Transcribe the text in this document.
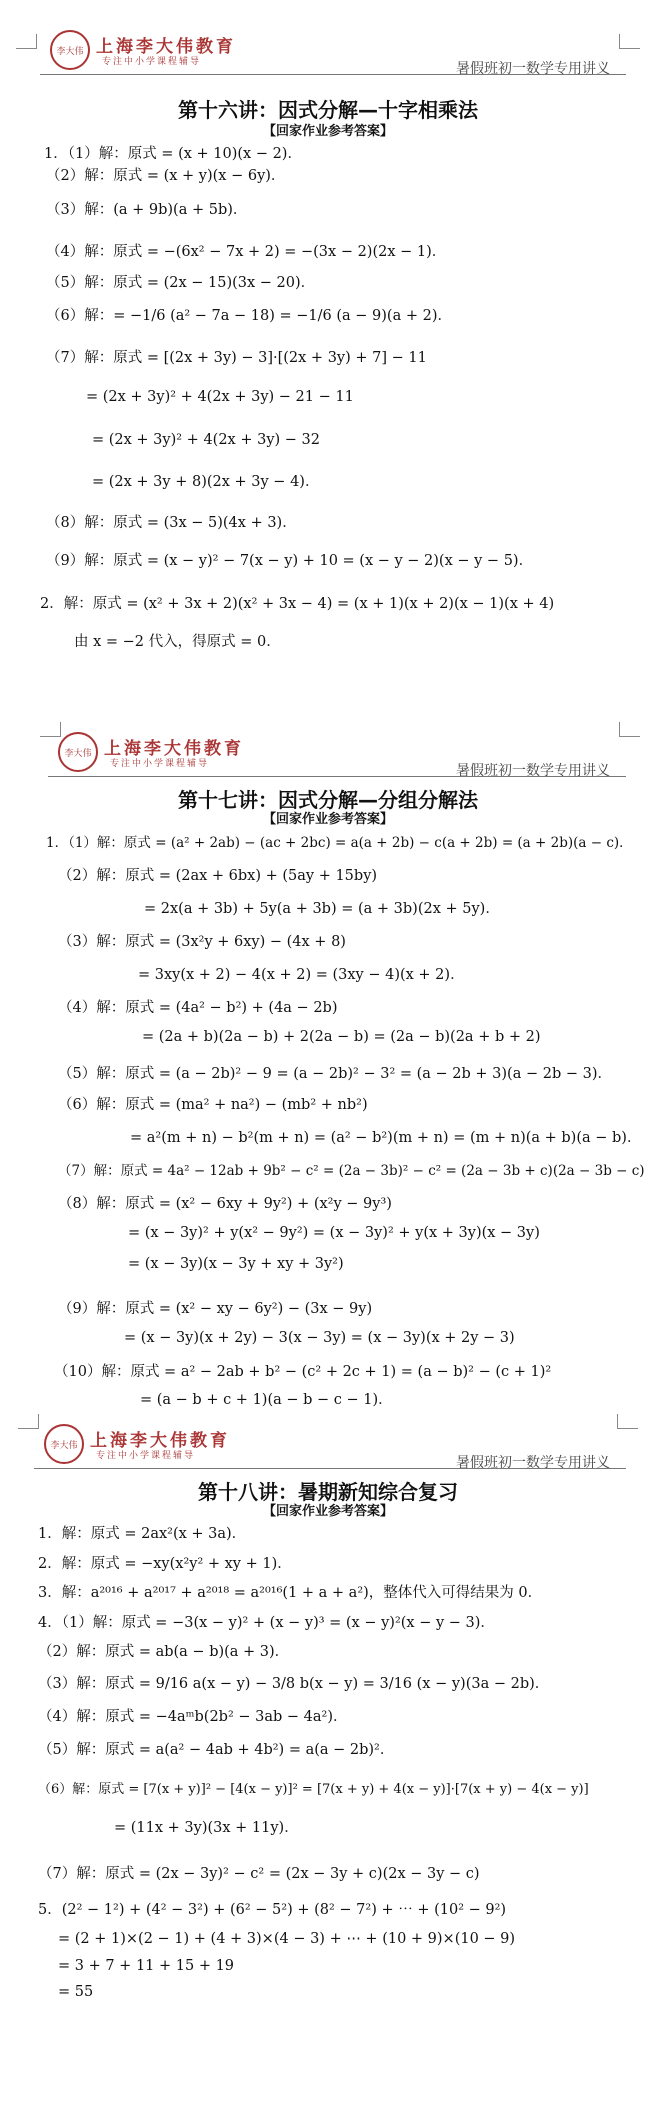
李大伟 上海李大伟教育
专注中小学课程辅导	暑假班初一数学专用讲义
第十六讲：因式分解—十字相乘法
【回家作业参考答案】
1．（1）解：原式 = (x + 10)(x − 2)．
（2）解：原式 = (x + y)(x − 6y)．
（3）解：(a + 9b)(a + 5b)．
（4）解：原式 = −(6x² − 7x + 2) = −(3x − 2)(2x − 1)．
（5）解：原式 = (2x − 15)(3x − 20)．
（6）解：= −1/6 (a² − 7a − 18) = −1/6 (a − 9)(a + 2)．
（7）解：原式 = [(2x + 3y) − 3]·[(2x + 3y) + 7] − 11
= (2x + 3y)² + 4(2x + 3y) − 21 − 11
= (2x + 3y)² + 4(2x + 3y) − 32
= (2x + 3y + 8)(2x + 3y − 4)．
（8）解：原式 = (3x − 5)(4x + 3)．
（9）解：原式 = (x − y)² − 7(x − y) + 10 = (x − y − 2)(x − y − 5)．
2．解：原式 = (x² + 3x + 2)(x² + 3x − 4) = (x + 1)(x + 2)(x − 1)(x + 4)
由 x = −2 代入，得原式 = 0．
李大伟 上海李大伟教育
专注中小学课程辅导	暑假班初一数学专用讲义
第十七讲：因式分解—分组分解法
【回家作业参考答案】
1．（1）解：原式 = (a² + 2ab) − (ac + 2bc) = a(a + 2b) − c(a + 2b) = (a + 2b)(a − c)．
（2）解：原式 = (2ax + 6bx) + (5ay + 15by)
= 2x(a + 3b) + 5y(a + 3b) = (a + 3b)(2x + 5y)．
（3）解：原式 = (3x²y + 6xy) − (4x + 8)
= 3xy(x + 2) − 4(x + 2) = (3xy − 4)(x + 2)．
（4）解：原式 = (4a² − b²) + (4a − 2b)
= (2a + b)(2a − b) + 2(2a − b) = (2a − b)(2a + b + 2)
（5）解：原式 = (a − 2b)² − 9 = (a − 2b)² − 3² = (a − 2b + 3)(a − 2b − 3)．
（6）解：原式 = (ma² + na²) − (mb² + nb²)
= a²(m + n) − b²(m + n) = (a² − b²)(m + n) = (m + n)(a + b)(a − b)．
（7）解：原式 = 4a² − 12ab + 9b² − c² = (2a − 3b)² − c² = (2a − 3b + c)(2a − 3b − c)
（8）解：原式 = (x² − 6xy + 9y²) + (x²y − 9y³)
= (x − 3y)² + y(x² − 9y²) = (x − 3y)² + y(x + 3y)(x − 3y)
= (x − 3y)(x − 3y + xy + 3y²)
（9）解：原式 = (x² − xy − 6y²) − (3x − 9y)
= (x − 3y)(x + 2y) − 3(x − 3y) = (x − 3y)(x + 2y − 3)
（10）解：原式 = a² − 2ab + b² − (c² + 2c + 1) = (a − b)² − (c + 1)²
= (a − b + c + 1)(a − b − c − 1)．
李大伟 上海李大伟教育
专注中小学课程辅导	暑假班初一数学专用讲义
第十八讲：暑期新知综合复习
【回家作业参考答案】
1．解：原式 = 2ax²(x + 3a)．
2．解：原式 = −xy(x²y² + xy + 1)．
3．解：a²⁰¹⁶ + a²⁰¹⁷ + a²⁰¹⁸ = a²⁰¹⁶(1 + a + a²)，整体代入可得结果为 0．
4．（1）解：原式 = −3(x − y)² + (x − y)³ = (x − y)²(x − y − 3)．
（2）解：原式 = ab(a − b)(a + 3)．
（3）解：原式 = 9/16 a(x − y) − 3/8 b(x − y) = 3/16 (x − y)(3a − 2b)．
（4）解：原式 = −4aᵐb(2b² − 3ab − 4a²)．
（5）解：原式 = a(a² − 4ab + 4b²) = a(a − 2b)²．
（6）解：原式 = [7(x + y)]² − [4(x − y)]² = [7(x + y) + 4(x − y)]·[7(x + y) − 4(x − y)]
= (11x + 3y)(3x + 11y)．
（7）解：原式 = (2x − 3y)² − c² = (2x − 3y + c)(2x − 3y − c)
5．(2² − 1²) + (4² − 3²) + (6² − 5²) + (8² − 7²) + ⋯ + (10² − 9²)
= (2 + 1)×(2 − 1) + (4 + 3)×(4 − 3) + ⋯ + (10 + 9)×(10 − 9)
= 3 + 7 + 11 + 15 + 19
= 55
